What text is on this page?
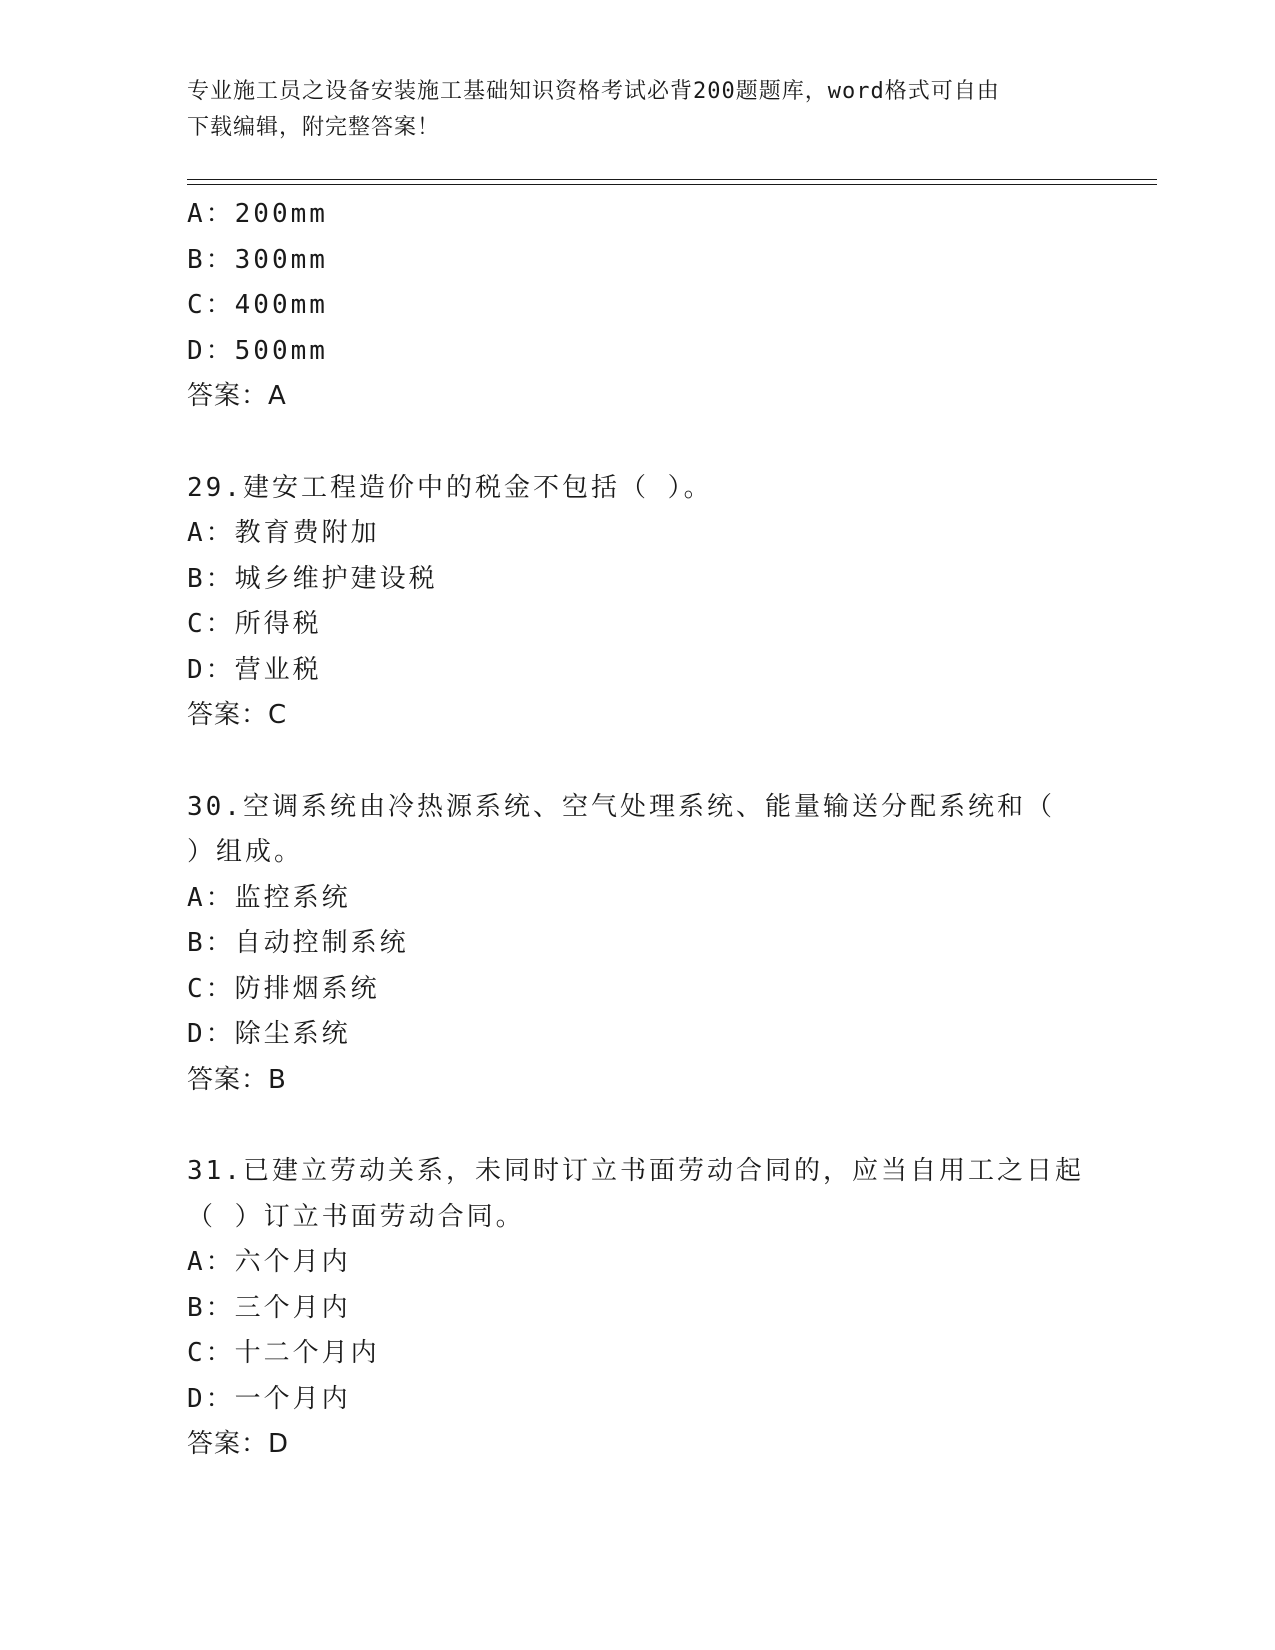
专业施工员之设备安装施工基础知识资格考试必背200题题库，word格式可自由
下载编辑，附完整答案！
A：200mm
B：300mm
C：400mm
D：500mm
答案：A
29.建安工程造价中的税金不包括（ ）。
A：教育费附加
B：城乡维护建设税
C：所得税
D：营业税
答案：C
30.空调系统由冷热源系统、空气处理系统、能量输送分配系统和（
）组成。
A：监控系统
B：自动控制系统
C：防排烟系统
D：除尘系统
答案：B
31.已建立劳动关系，未同时订立书面劳动合同的，应当自用工之日起
（ ）订立书面劳动合同。
A：六个月内
B：三个月内
C：十二个月内
D：一个月内
答案：D
